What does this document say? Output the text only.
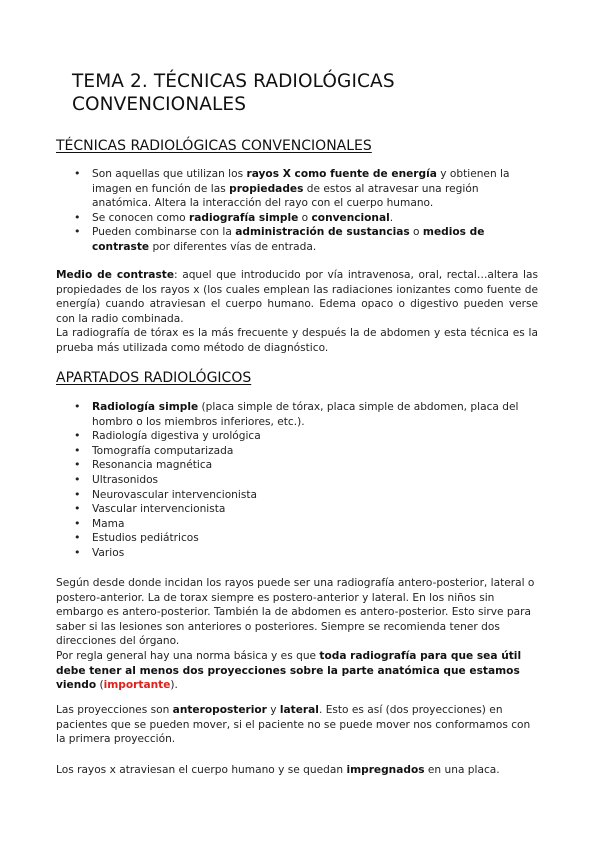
TEMA 2. TÉCNICAS RADIOLÓGICAS
CONVENCIONALES
TÉCNICAS RADIOLÓGICAS CONVENCIONALES
• Son aquellas que utilizan los rayos X como fuente de energía y obtienen la imagen en función de las propiedades de estos al atravesar una región anatómica. Altera la interacción del rayo con el cuerpo humano.
• Se conocen como radiografía simple o convencional.
• Pueden combinarse con la administración de sustancias o medios de contraste por diferentes vías de entrada.
Medio de contraste: aquel que introducido por vía intravenosa, oral, rectal…altera las propiedades de los rayos x (los cuales emplean las radiaciones ionizantes como fuente de energía) cuando atraviesan el cuerpo humano. Edema opaco o digestivo pueden verse con la radio combinada.
La radiografía de tórax es la más frecuente y después la de abdomen y esta técnica es la prueba más utilizada como método de diagnóstico.
APARTADOS RADIOLÓGICOS
• Radiología simple (placa simple de tórax, placa simple de abdomen, placa del hombro o los miembros inferiores, etc.).
• Radiología digestiva y urológica
• Tomografía computarizada
• Resonancia magnética
• Ultrasonidos
• Neurovascular intervencionista
• Vascular intervencionista
• Mama
• Estudios pediátricos
• Varios
Según desde donde incidan los rayos puede ser una radiografía antero-posterior, lateral o postero-anterior. La de torax siempre es postero-anterior y lateral. En los niños sin embargo es antero-posterior. También la de abdomen es antero-posterior. Esto sirve para saber si las lesiones son anteriores o posteriores. Siempre se recomienda tener dos direcciones del órgano.
Por regla general hay una norma básica y es que toda radiografía para que sea útil debe tener al menos dos proyecciones sobre la parte anatómica que estamos viendo (importante).
Las proyecciones son anteroposterior y lateral. Esto es así (dos proyecciones) en pacientes que se pueden mover, si el paciente no se puede mover nos conformamos con la primera proyección.
Los rayos x atraviesan el cuerpo humano y se quedan impregnados en una placa.
